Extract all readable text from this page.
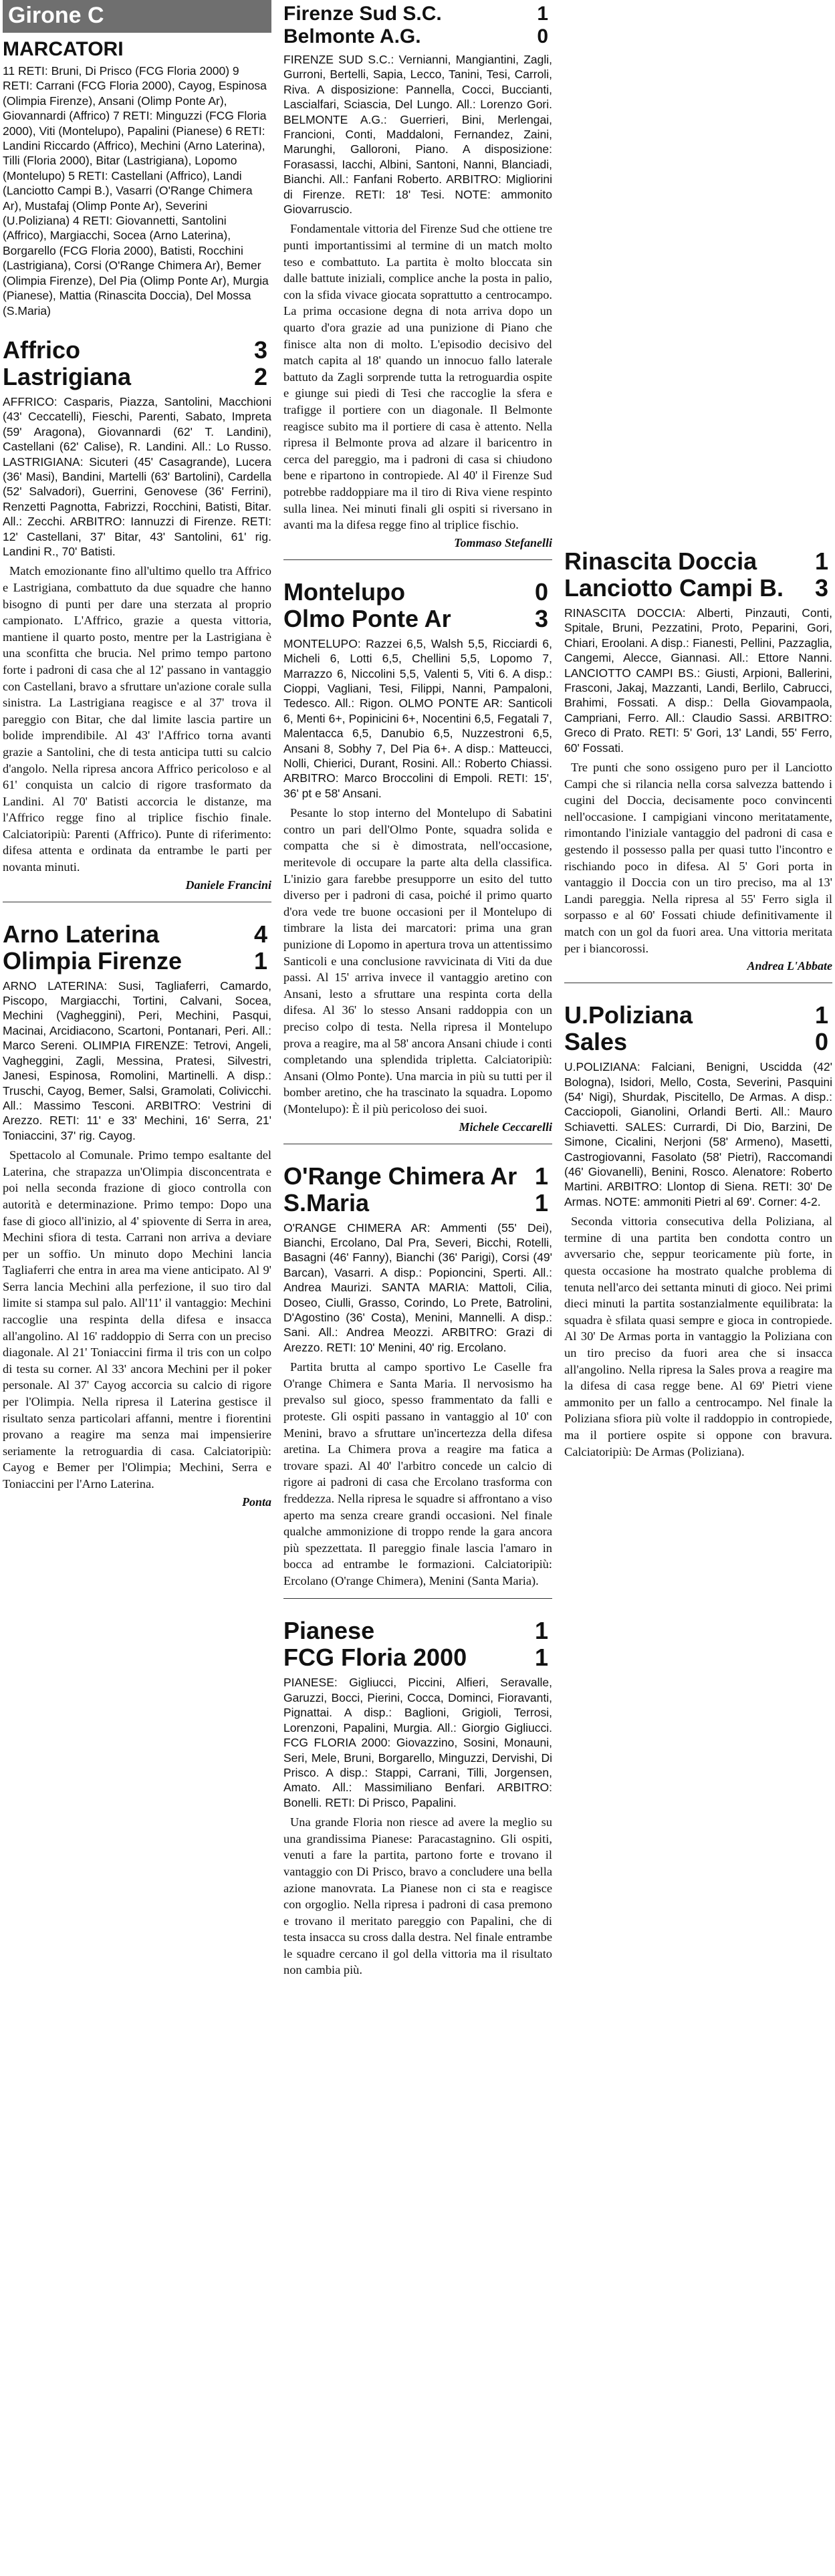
Girone C
MARCATORI
11 RETI: Bruni, Di Prisco (FCG Floria 2000) 9 RETI: Carrani (FCG Floria 2000), Cayog, Espinosa (Olimpia Firenze), Ansani (Olimp Ponte Ar), Giovannardi (Affrico) 7 RETI: Minguzzi (FCG Floria 2000), Viti (Montelupo), Papalini (Pianese) 6 RETI: Landini Riccardo (Affrico), Mechini (Arno Laterina), Tilli (Floria 2000), Bitar (Lastrigiana), Lopomo (Montelupo) 5 RETI: Castellani (Affrico), Landi (Lanciotto Campi B.), Vasarri (O'Range Chimera Ar), Mustafaj (Olimp Ponte Ar), Severini (U.Poliziana) 4 RETI: Giovannetti, Santolini (Affrico), Margiacchi, Socea (Arno Laterina), Borgarello (FCG Floria 2000), Batisti, Rocchini (Lastrigiana), Corsi (O'Range Chimera Ar), Bemer (Olimpia Firenze), Del Pia (Olimp Ponte Ar), Murgia (Pianese), Mattia (Rinascita Doccia), Del Mossa (S.Maria)
Affrico	3
Lastrigiana	2
AFFRICO: Casparis, Piazza, Santolini, Macchioni (43' Ceccatelli), Fieschi, Parenti, Sabato, Impreta (59' Aragona), Giovannardi (62' T. Landini), Castellani (62' Calise), R. Landini. All.: Lo Russo. LASTRIGIANA: Sicuteri (45' Casagrande), Lucera (36' Masi), Bandini, Martelli (63' Bartolini), Cardella (52' Salvadori), Guerrini, Genovese (36' Ferrini), Renzetti Pagnotta, Fabrizzi, Rocchini, Batisti, Bitar. All.: Zecchi. ARBITRO: Iannuzzi di Firenze. RETI: 12' Castellani, 37' Bitar, 43' Santolini, 61' rig. Landini R., 70' Batisti.
Match emozionante fino all'ultimo quello tra Affrico e Lastrigiana, combattuto da due squadre che hanno bisogno di punti per dare una sterzata al proprio campionato. L'Affrico, grazie a questa vittoria, mantiene il quarto posto, mentre per la Lastrigiana è una sconfitta che brucia. Nel primo tempo partono forte i padroni di casa che al 12' passano in vantaggio con Castellani, bravo a sfruttare un'azione corale sulla sinistra. La Lastrigiana reagisce e al 37' trova il pareggio con Bitar, che dal limite lascia partire un bolide imprendibile. Al 43' l'Affrico torna avanti grazie a Santolini, che di testa anticipa tutti su calcio d'angolo. Nella ripresa ancora Affrico pericoloso e al 61' conquista un calcio di rigore trasformato da Landini. Al 70' Batisti accorcia le distanze, ma l'Affrico regge fino al triplice fischio finale. Calciatoripiù: Parenti (Affrico). Punte di riferimento: difesa attenta e ordinata da entrambe le parti per novanta minuti.
Daniele Francini
Arno Laterina	4
Olimpia Firenze	1
ARNO LATERINA: Susi, Tagliaferri, Camardo, Piscopo, Margiacchi, Tortini, Calvani, Socea, Mechini (Vagheggini), Peri, Mechini, Pasqui, Macinai, Arcidiacono, Scartoni, Pontanari, Peri. All.: Marco Sereni. OLIMPIA FIRENZE: Tetrovi, Angeli, Vagheggini, Zagli, Messina, Pratesi, Silvestri, Janesi, Espinosa, Romolini, Martinelli. A disp.: Truschi, Cayog, Bemer, Salsi, Gramolati, Colivicchi. All.: Massimo Tesconi. ARBITRO: Vestrini di Arezzo. RETI: 11' e 33' Mechini, 16' Serra, 21' Toniaccini, 37' rig. Cayog.
Spettacolo al Comunale. Primo tempo esaltante del Laterina, che strapazza un'Olimpia disconcentrata e poi nella seconda frazione di gioco controlla con autorità e determinazione. Primo tempo: Dopo una fase di gioco all'inizio, al 4' spiovente di Serra in area, Mechini sfiora di testa. Carrani non arriva a deviare per un soffio. Un minuto dopo Mechini lancia Tagliaferri che entra in area ma viene anticipato. Al 9' Serra lancia Mechini alla perfezione, il suo tiro dal limite si stampa sul palo. All'11' il vantaggio: Mechini raccoglie una respinta della difesa e insacca all'angolino. Al 16' raddoppio di Serra con un preciso diagonale. Al 21' Toniaccini firma il tris con un colpo di testa su corner. Al 33' ancora Mechini per il poker personale. Al 37' Cayog accorcia su calcio di rigore per l'Olimpia. Nella ripresa il Laterina gestisce il risultato senza particolari affanni, mentre i fiorentini provano a reagire ma senza mai impensierire seriamente la retroguardia di casa. Calciatoripiù: Cayog e Bemer per l'Olimpia; Mechini, Serra e Toniaccini per l'Arno Laterina.
Ponta
Firenze Sud S.C.	1
Belmonte A.G.	0
FIRENZE SUD S.C.: Vernianni, Mangiantini, Zagli, Gurroni, Bertelli, Sapia, Lecco, Tanini, Tesi, Carroli, Riva. A disposizione: Pannella, Cocci, Buccianti, Lascialfari, Sciascia, Del Lungo. All.: Lorenzo Gori. BELMONTE A.G.: Guerrieri, Bini, Merlengai, Francioni, Conti, Maddaloni, Fernandez, Zaini, Marunghi, Galloroni, Piano. A disposizione: Forasassi, Iacchi, Albini, Santoni, Nanni, Blanciadi, Bianchi. All.: Fanfani Roberto. ARBITRO: Migliorini di Firenze. RETI: 18' Tesi. NOTE: ammonito Giovarruscio.
Fondamentale vittoria del Firenze Sud che ottiene tre punti importantissimi al termine di un match molto teso e combattuto. La partita è molto bloccata sin dalle battute iniziali, complice anche la posta in palio, con la sfida vivace giocata soprattutto a centrocampo. La prima occasione degna di nota arriva dopo un quarto d'ora grazie ad una punizione di Piano che finisce alta non di molto. L'episodio decisivo del match capita al 18' quando un innocuo fallo laterale battuto da Zagli sorprende tutta la retroguardia ospite e giunge sui piedi di Tesi che raccoglie la sfera e trafigge il portiere con un diagonale. Il Belmonte reagisce subito ma il portiere di casa è attento. Nella ripresa il Belmonte prova ad alzare il baricentro in cerca del pareggio, ma i padroni di casa si chiudono bene e ripartono in contropiede. Al 40' il Firenze Sud potrebbe raddoppiare ma il tiro di Riva viene respinto sulla linea. Nei minuti finali gli ospiti si riversano in avanti ma la difesa regge fino al triplice fischio.
Tommaso Stefanelli
Montelupo	0
Olmo Ponte Ar	3
MONTELUPO: Razzei 6,5, Walsh 5,5, Ricciardi 6, Micheli 6, Lotti 6,5, Chellini 5,5, Lopomo 7, Marrazzo 6, Niccolini 5,5, Valenti 5, Viti 6. A disp.: Cioppi, Vagliani, Tesi, Filippi, Nanni, Pampaloni, Tedesco. All.: Rigon. OLMO PONTE AR: Santicoli 6, Menti 6+, Popinicini 6+, Nocentini 6,5, Fegatali 7, Malentacca 6,5, Danubio 6,5, Nuzzestroni 6,5, Ansani 8, Sobhy 7, Del Pia 6+. A disp.: Matteucci, Nolli, Chierici, Durant, Rosini. All.: Roberto Chiassi. ARBITRO: Marco Broccolini di Empoli. RETI: 15', 36' pt e 58' Ansani.
Pesante lo stop interno del Montelupo di Sabatini contro un pari dell'Olmo Ponte, squadra solida e compatta che si è dimostrata, nell'occasione, meritevole di occupare la parte alta della classifica. L'inizio gara farebbe presupporre un esito del tutto diverso per i padroni di casa, poiché il primo quarto d'ora vede tre buone occasioni per il Montelupo di timbrare la lista dei marcatori: prima una gran punizione di Lopomo in apertura trova un attentissimo Santicoli e una conclusione ravvicinata di Viti da due passi. Al 15' arriva invece il vantaggio aretino con Ansani, lesto a sfruttare una respinta corta della difesa. Al 36' lo stesso Ansani raddoppia con un preciso colpo di testa. Nella ripresa il Montelupo prova a reagire, ma al 58' ancora Ansani chiude i conti completando una splendida tripletta. Calciatoripiù: Ansani (Olmo Ponte). Una marcia in più su tutti per il bomber aretino, che ha trascinato la squadra. Lopomo (Montelupo): È il più pericoloso dei suoi.
Michele Ceccarelli
O'Range Chimera Ar 1
S.Maria	1
O'RANGE CHIMERA AR: Ammenti (55' Dei), Bianchi, Ercolano, Dal Pra, Severi, Bicchi, Rotelli, Basagni (46' Fanny), Bianchi (36' Parigi), Corsi (49' Barcan), Vasarri. A disp.: Popioncini, Sperti. All.: Andrea Maurizi. SANTA MARIA: Mattoli, Cilia, Doseo, Ciulli, Grasso, Corindo, Lo Prete, Batrolini, D'Agostino (36' Costa), Menini, Mannelli. A disp.: Sani. All.: Andrea Meozzi. ARBITRO: Grazi di Arezzo. RETI: 10' Menini, 40' rig. Ercolano.
Partita brutta al campo sportivo Le Caselle fra O'range Chimera e Santa Maria. Il nervosismo ha prevalso sul gioco, spesso frammentato da falli e proteste. Gli ospiti passano in vantaggio al 10' con Menini, bravo a sfruttare un'incertezza della difesa aretina. La Chimera prova a reagire ma fatica a trovare spazi. Al 40' l'arbitro concede un calcio di rigore ai padroni di casa che Ercolano trasforma con freddezza. Nella ripresa le squadre si affrontano a viso aperto ma senza creare grandi occasioni. Nel finale qualche ammonizione di troppo rende la gara ancora più spezzettata. Il pareggio finale lascia l'amaro in bocca ad entrambe le formazioni. Calciatoripiù: Ercolano (O'range Chimera), Menini (Santa Maria).
Pianese	1
FCG Floria 2000	1
PIANESE: Gigliucci, Piccini, Alfieri, Seravalle, Garuzzi, Bocci, Pierini, Cocca, Dominci, Fioravanti, Pignattai. A disp.: Baglioni, Grigioli, Terrosi, Lorenzoni, Papalini, Murgia. All.: Giorgio Gigliucci. FCG FLORIA 2000: Giovazzino, Sosini, Monauni, Seri, Mele, Bruni, Borgarello, Minguzzi, Dervishi, Di Prisco. A disp.: Stappi, Carrani, Tilli, Jorgensen, Amato. All.: Massimiliano Benfari. ARBITRO: Bonelli. RETI: Di Prisco, Papalini.
Una grande Floria non riesce ad avere la meglio su una grandissima Pianese: Paracastagnino. Gli ospiti, venuti a fare la partita, partono forte e trovano il vantaggio con Di Prisco, bravo a concludere una bella azione manovrata. La Pianese non ci sta e reagisce con orgoglio. Nella ripresa i padroni di casa premono e trovano il meritato pareggio con Papalini, che di testa insacca su cross dalla destra. Nel finale entrambe le squadre cercano il gol della vittoria ma il risultato non cambia più.
Rinascita Doccia 1
Lanciotto Campi B. 3
RINASCITA DOCCIA: Alberti, Pinzauti, Conti, Spitale, Bruni, Pezzatini, Proto, Peparini, Gori, Chiari, Eroolani. A disp.: Fianesti, Pellini, Pazzaglia, Cangemi, Alecce, Giannasi. All.: Ettore Nanni. LANCIOTTO CAMPI BS.: Giusti, Arpioni, Ballerini, Frasconi, Jakaj, Mazzanti, Landi, Berlilo, Cabrucci, Brahimi, Fossati. A disp.: Della Giovampaola, Campriani, Ferro. All.: Claudio Sassi. ARBITRO: Greco di Prato. RETI: 5' Gori, 13' Landi, 55' Ferro, 60' Fossati.
Tre punti che sono ossigeno puro per il Lanciotto Campi che si rilancia nella corsa salvezza battendo i cugini del Doccia, decisamente poco convincenti nell'occasione. I campigiani vincono meritatamente, rimontando l'iniziale vantaggio del padroni di casa e gestendo il possesso palla per quasi tutto l'incontro e rischiando poco in difesa. Al 5' Gori porta in vantaggio il Doccia con un tiro preciso, ma al 13' Landi pareggia. Nella ripresa al 55' Ferro sigla il sorpasso e al 60' Fossati chiude definitivamente il match con un gol da fuori area. Una vittoria meritata per i biancorossi.
Andrea L'Abbate
U.Poliziana	1
Sales	0
U.POLIZIANA: Falciani, Benigni, Uscidda (42' Bologna), Isidori, Mello, Costa, Severini, Pasquini (54' Nigi), Shurdak, Piscitello, De Armas. A disp.: Cacciopoli, Gianolini, Orlandi Berti. All.: Mauro Schiavetti. SALES: Currardi, Di Dio, Barzini, De Simone, Cicalini, Nerjoni (58' Armeno), Masetti, Castrogiovanni, Fasolato (58' Pietri), Raccomandi (46' Giovanelli), Benini, Rosco. Alenatore: Roberto Martini. ARBITRO: Llontop di Siena. RETI: 30' De Armas. NOTE: ammoniti Pietri al 69'. Corner: 4-2.
Seconda vittoria consecutiva della Poliziana, al termine di una partita ben condotta contro un avversario che, seppur teoricamente più forte, in questa occasione ha mostrato qualche problema di tenuta nell'arco dei settanta minuti di gioco. Nei primi dieci minuti la partita sostanzialmente equilibrata: la squadra è sfilata quasi sempre e gioca in contropiede. Al 30' De Armas porta in vantaggio la Poliziana con un tiro preciso da fuori area che si insacca all'angolino. Nella ripresa la Sales prova a reagire ma la difesa di casa regge bene. Al 69' Pietri viene ammonito per un fallo a centrocampo. Nel finale la Poliziana sfiora più volte il raddoppio in contropiede, ma il portiere ospite si oppone con bravura. Calciatoripiù: De Armas (Poliziana).
